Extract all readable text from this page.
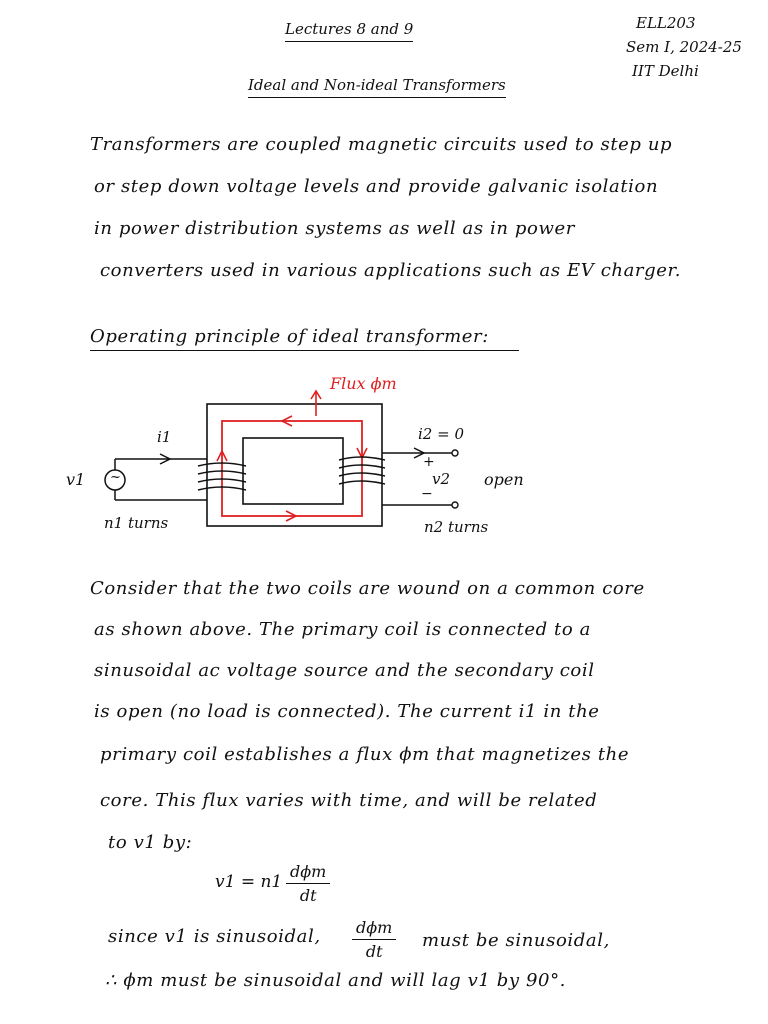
Lectures 8 and 9	ELL203
Sem I, 2024-25
IIT Delhi
Ideal and Non-ideal Transformers
Transformers are coupled magnetic circuits used to step up
or step down voltage levels and provide galvanic isolation
in power distribution systems as well as in power
converters used in various applications such as EV charger.
Operating principle of ideal transformer:
Flux ϕm
i1	i2 = 0
v1 ~
+
v2
−
open
n1 turns	n2 turns
Consider that the two coils are wound on a common core
as shown above. The primary coil is connected to a
sinusoidal ac voltage source and the secondary coil
is open (no load is connected). The current i1 in the
primary coil establishes a flux ϕm that magnetizes the
core. This flux varies with time, and will be related
to v1 by:
v1 = n1
dϕm
dt
since v1 is sinusoidal, dϕm
dt
must be sinusoidal,
∴ ϕm must be sinusoidal and will lag v1 by 90°.
